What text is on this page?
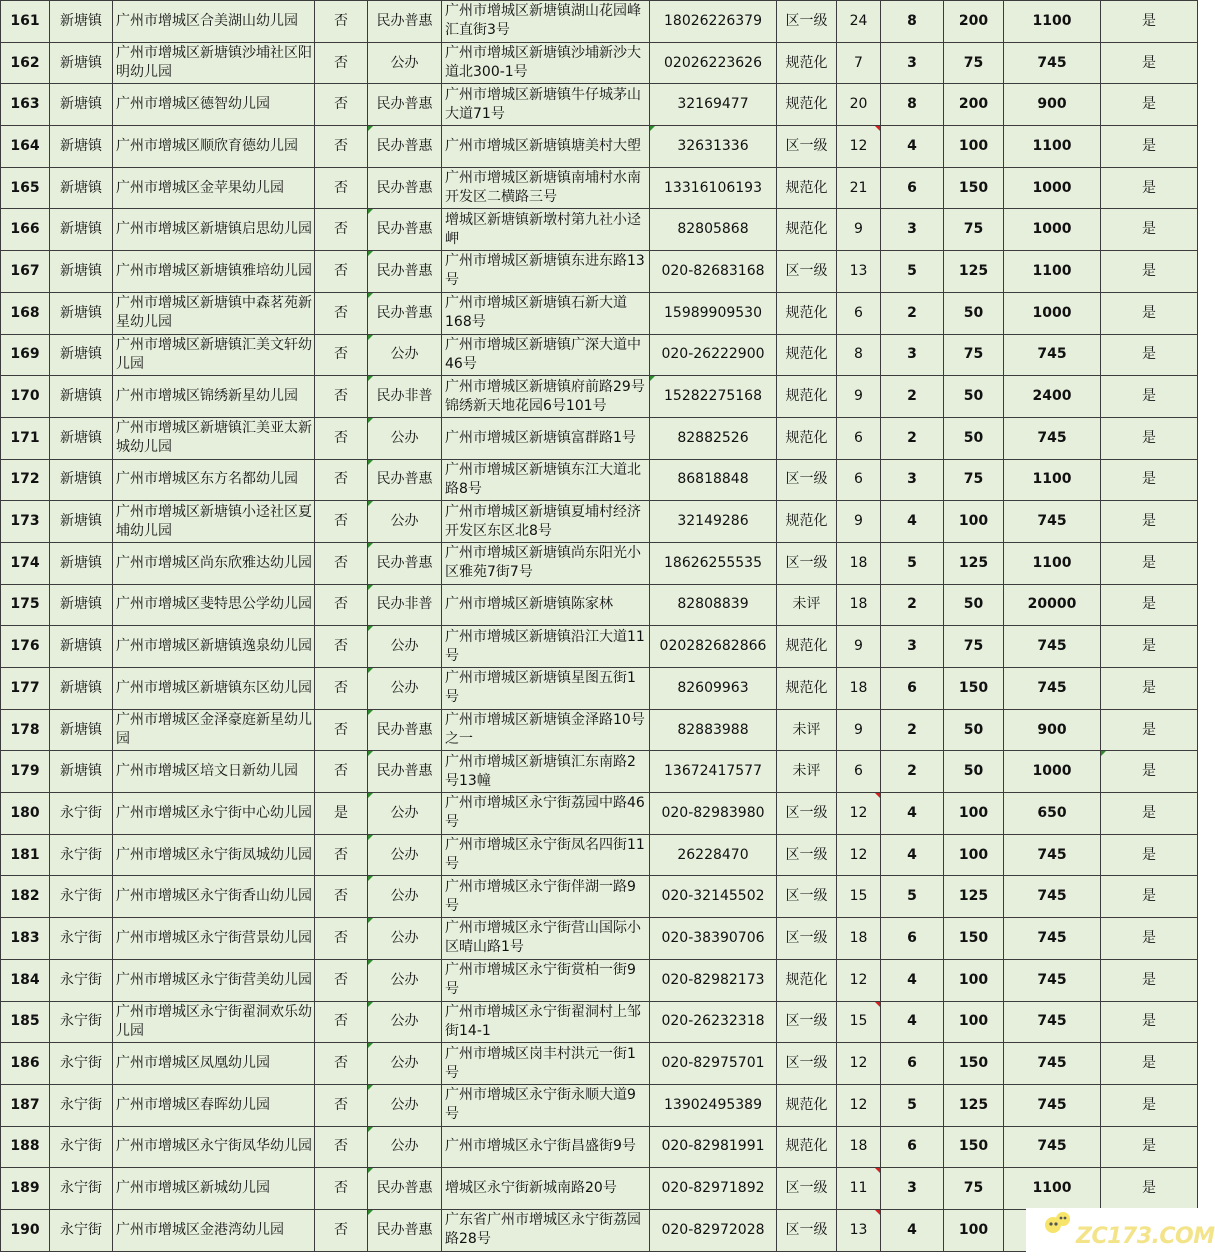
161	新塘镇	广州市增城区合美湖山幼儿园	否	民办普惠	广州市增城区新塘镇湖山花园峰汇直街3号	18026226379	区一级	24	8	200	1100	是
162	新塘镇	广州市增城区新塘镇沙埔社区阳明幼儿园	否	公办	广州市增城区新塘镇沙埔新沙大道北300-1号	02026223626	规范化	7	3	75	745	是
163	新塘镇	广州市增城区德智幼儿园	否	民办普惠	广州市增城区新塘镇牛仔城茅山大道71号	32169477	规范化	20	8	200	900	是
164	新塘镇	广州市增城区顺欣育德幼儿园	否	民办普惠	广州市增城区新塘镇塘美村大塱	32631336	区一级	12	4	100	1100	是
165	新塘镇	广州市增城区金苹果幼儿园	否	民办普惠	广州市增城区新塘镇南埔村水南开发区二横路三号	13316106193	规范化	21	6	150	1000	是
166	新塘镇	广州市增城区新塘镇启思幼儿园	否	民办普惠	增城区新塘镇新墩村第九社小迳岬	82805868	规范化	9	3	75	1000	是
167	新塘镇	广州市增城区新塘镇雅培幼儿园	否	民办普惠	广州市增城区新塘镇东进东路13号	020-82683168	区一级	13	5	125	1100	是
168	新塘镇	广州市增城区新塘镇中森茗苑新星幼儿园	否	民办普惠	广州市增城区新塘镇石新大道168号	15989909530	规范化	6	2	50	1000	是
169	新塘镇	广州市增城区新塘镇汇美文轩幼儿园	否	公办	广州市增城区新塘镇广深大道中46号	020-26222900	规范化	8	3	75	745	是
170	新塘镇	广州市增城区锦绣新星幼儿园	否	民办非普	广州市增城区新塘镇府前路29号锦绣新天地花园6号101号	15282275168	规范化	9	2	50	2400	是
171	新塘镇	广州市增城区新塘镇汇美亚太新城幼儿园	否	公办	广州市增城区新塘镇富群路1号	82882526	规范化	6	2	50	745	是
172	新塘镇	广州市增城区东方名都幼儿园	否	民办普惠	广州市增城区新塘镇东江大道北路8号	86818848	区一级	6	3	75	1100	是
173	新塘镇	广州市增城区新塘镇小迳社区夏埔幼儿园	否	公办	广州市增城区新塘镇夏埔村经济开发区东区北8号	32149286	规范化	9	4	100	745	是
174	新塘镇	广州市增城区尚东欣雅达幼儿园	否	民办普惠	广州市增城区新塘镇尚东阳光小区雅苑7街7号	18626255535	区一级	18	5	125	1100	是
175	新塘镇	广州市增城区斐特思公学幼儿园	否	民办非普	广州市增城区新塘镇陈家林	82808839	未评	18	2	50	20000	是
176	新塘镇	广州市增城区新塘镇逸泉幼儿园	否	公办	广州市增城区新塘镇沿江大道11号	020282682866	规范化	9	3	75	745	是
177	新塘镇	广州市增城区新塘镇东区幼儿园	否	公办	广州市增城区新塘镇星图五街1号	82609963	规范化	18	6	150	745	是
178	新塘镇	广州市增城区金泽豪庭新星幼儿园	否	民办普惠	广州市增城区新塘镇金泽路10号之一	82883988	未评	9	2	50	900	是
179	新塘镇	广州市增城区培文日新幼儿园	否	民办普惠	广州市增城区新塘镇汇东南路2号13幢	13672417577	未评	6	2	50	1000	是
180	永宁街	广州市增城区永宁街中心幼儿园	是	公办	广州市增城区永宁街荔园中路46号	020-82983980	区一级	12	4	100	650	是
181	永宁街	广州市增城区永宁街凤城幼儿园	否	公办	广州市增城区永宁街凤名四街11号	26228470	区一级	12	4	100	745	是
182	永宁街	广州市增城区永宁街香山幼儿园	否	公办	广州市增城区永宁街伴湖一路9号	020-32145502	区一级	15	5	125	745	是
183	永宁街	广州市增城区永宁街营景幼儿园	否	公办	广州市增城区永宁街营山国际小区晴山路1号	020-38390706	区一级	18	6	150	745	是
184	永宁街	广州市增城区永宁街营美幼儿园	否	公办	广州市增城区永宁街赏柏一街9号	020-82982173	规范化	12	4	100	745	是
185	永宁街	广州市增城区永宁街翟洞欢乐幼儿园	否	公办	广州市增城区永宁街翟洞村上邹街14-1	020-26232318	区一级	15	4	100	745	是
186	永宁街	广州市增城区凤凰幼儿园	否	公办	广州市增城区岗丰村洪元一街1号	020-82975701	区一级	12	6	150	745	是
187	永宁街	广州市增城区春晖幼儿园	否	公办	广州市增城区永宁街永顺大道9号	13902495389	规范化	12	5	125	745	是
188	永宁街	广州市增城区永宁街凤华幼儿园	否	公办	广州市增城区永宁街昌盛街9号	020-82981991	规范化	18	6	150	745	是
189	永宁街	广州市增城区新城幼儿园	否	民办普惠	增城区永宁街新城南路20号	020-82971892	区一级	11	3	75	1100	是
190	永宁街	广州市增城区金港湾幼儿园	否	民办普惠	广东省广州市增城区永宁街荔园路28号	020-82972028	区一级	13	4	100			ZC173.COM
